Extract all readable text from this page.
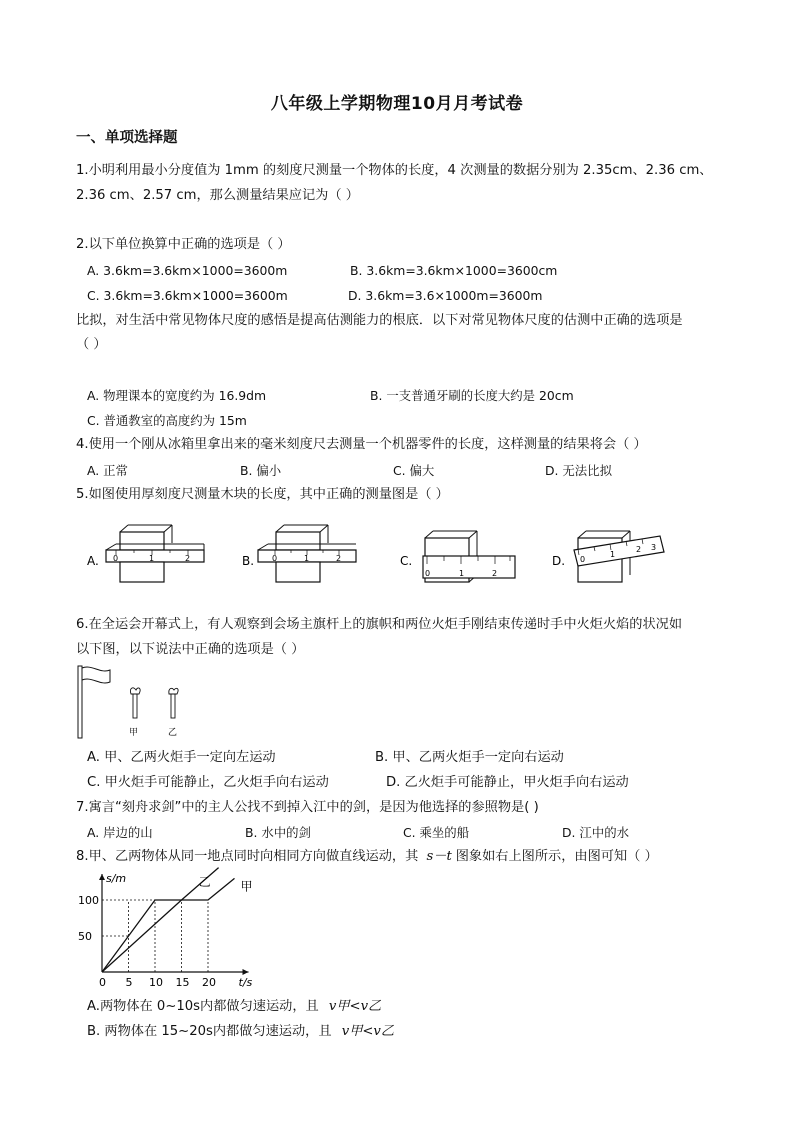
八年级上学期物理10月月考试卷
一、单项选择题
1.小明利用最小分度值为 1mm 的刻度尺测量一个物体的长度，4 次测量的数据分别为 2.35cm、2.36 cm、
2.36 cm、2.57 cm，那么测量结果应记为（ ）
2.以下单位换算中正确的选项是（ ）
A. 3.6km=3.6km×1000=3600m	B. 3.6km=3.6km×1000=3600cm
C. 3.6km=3.6km×1000=3600m	D. 3.6km=3.6×1000m=3600m
比拟，对生活中常见物体尺度的感悟是提高估测能力的根底．以下对常见物体尺度的估测中正确的选项是
（ ）
A. 物理课本的宽度约为 16.9dm	B. 一支普通牙刷的长度大约是 20cm
C. 普通教室的高度约为 15m
4.使用一个刚从冰箱里拿出来的毫米刻度尺去测量一个机器零件的长度，这样测量的结果将会（ ）
A. 正常	B. 偏小	C. 偏大	D. 无法比拟
5.如图使用厚刻度尺测量木块的长度，其中正确的测量图是（ ）
A. 0	1	2	B. 0	1	2	C.
0	1	2
D. 0
1
2 3
6.在全运会开幕式上，有人观察到会场主旗杆上的旗帜和两位火炬手刚结束传递时手中火炬火焰的状况如
以下图，以下说法中正确的选项是（ ）
甲	乙
A. 甲、乙两火炬手一定向左运动	B. 甲、乙两火炬手一定向右运动
C. 甲火炬手可能静止，乙火炬手向右运动	D. 乙火炬手可能静止，甲火炬手向右运动
7.寓言“刻舟求剑”中的主人公找不到掉入江中的剑，是因为他选择的参照物是( )
A. 岸边的山	B. 水中的剑	C. 乘坐的船	D. 江中的水
8.甲、乙两物体从同一地点同时向相同方向做直线运动，其 s－t 图象如右上图所示，由图可知（ ）
s/m
t/s
0 5 10 15 20
50
100
甲
乙
A.两物体在 0~10s内都做匀速运动，且 v甲<v乙
B. 两物体在 15~20s内都做匀速运动，且 v甲<v乙
